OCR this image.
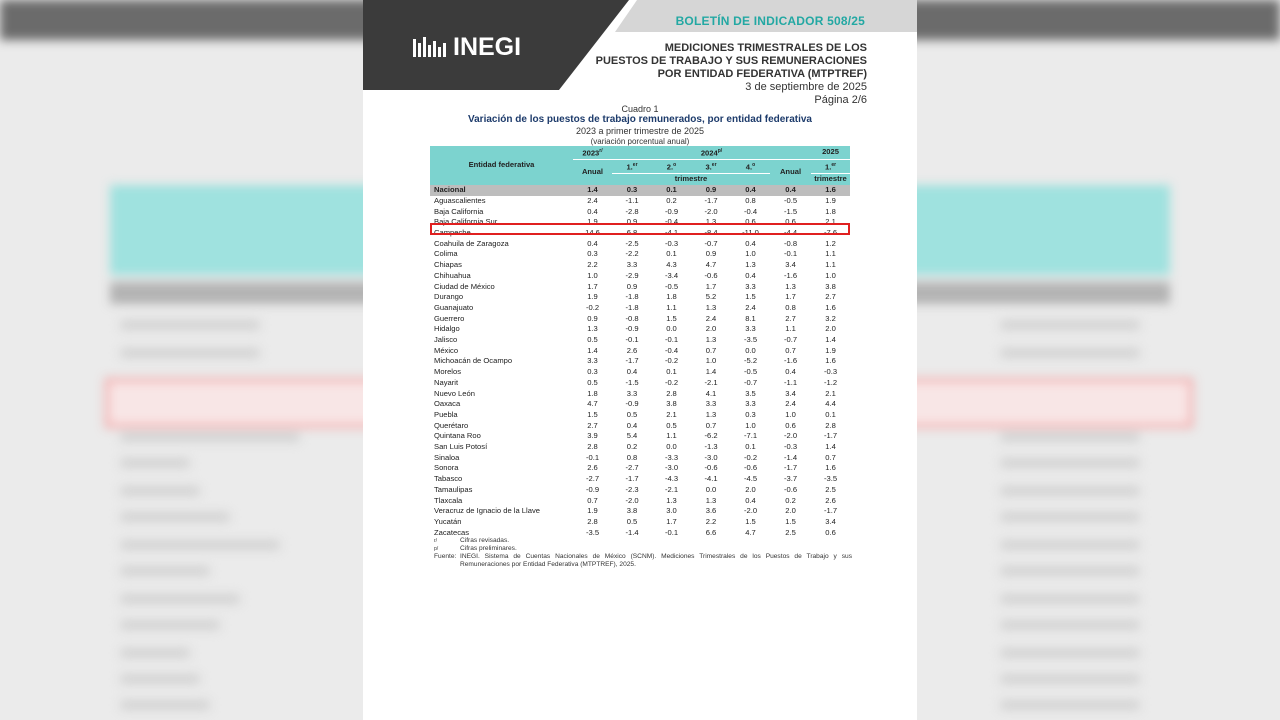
BOLETÍN DE INDICADOR 508/25
INEGI	MEDICIONES TRIMESTRALES DE LOS
PUESTOS DE TRABAJO Y SUS REMUNERACIONES
POR ENTIDAD FEDERATIVA (MTPTREF)
3 de septiembre de 2025
Página 2/6
Cuadro 1
Variación de los puestos de trabajo remunerados, por entidad federativa
2023 a primer trimestre de 2025
(variación porcentual anual)
Entidad federativa	$2023^{r/}$	$2024^{p/}$					2025
	Anual	1.$^{er}$	2.$^o$	3.$^{er}$	4.$^o$	Anual	1.$^{er}$
		trimestre					trimestre
Nacional	1.4	0.3	0.1	0.9	0.4	0.4	1.6
Aguascalientes	2.4	-1.1	0.2	-1.7	0.8	-0.5	1.9
Baja California	0.4	-2.8	-0.9	-2.0	-0.4	-1.5	1.8
Baja California Sur	1.9	0.9	-0.4	1.3	0.6	0.6	2.1
Campeche	14.6	6.8	-4.1	-8.4	-11.0	-4.4	-7.6
Coahuila de Zaragoza	0.4	-2.5	-0.3	-0.7	0.4	-0.8	1.2
Colima	0.3	-2.2	0.1	0.9	1.0	-0.1	1.1
Chiapas	2.2	3.3	4.3	4.7	1.3	3.4	1.1
Chihuahua	1.0	-2.9	-3.4	-0.6	0.4	-1.6	1.0
Ciudad de México	1.7	0.9	-0.5	1.7	3.3	1.3	3.8
Durango	1.9	-1.8	1.8	5.2	1.5	1.7	2.7
Guanajuato	-0.2	-1.8	1.1	1.3	2.4	0.8	1.6
Guerrero	0.9	-0.8	1.5	2.4	8.1	2.7	3.2
Hidalgo	1.3	-0.9	0.0	2.0	3.3	1.1	2.0
Jalisco	0.5	-0.1	-0.1	1.3	-3.5	-0.7	1.4
México	1.4	2.6	-0.4	0.7	0.0	0.7	1.9
Michoacán de Ocampo	3.3	-1.7	-0.2	1.0	-5.2	-1.6	1.6
Morelos	0.3	0.4	0.1	1.4	-0.5	0.4	-0.3
Nayarit	0.5	-1.5	-0.2	-2.1	-0.7	-1.1	-1.2
Nuevo León	1.8	3.3	2.8	4.1	3.5	3.4	2.1
Oaxaca	4.7	-0.9	3.8	3.3	3.3	2.4	4.4
Puebla	1.5	0.5	2.1	1.3	0.3	1.0	0.1
Querétaro	2.7	0.4	0.5	0.7	1.0	0.6	2.8
Quintana Roo	3.9	5.4	1.1	-6.2	-7.1	-2.0	-1.7
San Luis Potosí	2.8	0.2	0.0	-1.3	0.1	-0.3	1.4
Sinaloa	-0.1	0.8	-3.3	-3.0	-0.2	-1.4	0.7
Sonora	2.6	-2.7	-3.0	-0.6	-0.6	-1.7	1.6
Tabasco	-2.7	-1.7	-4.3	-4.1	-4.5	-3.7	-3.5
Tamaulipas	-0.9	-2.3	-2.1	0.0	2.0	-0.6	2.5
Tlaxcala	0.7	-2.0	1.3	1.3	0.4	0.2	2.6
Veracruz de Ignacio de la Llave	1.9	3.8	3.0	3.6	-2.0	2.0	-1.7
Yucatán	2.8	0.5	1.7	2.2	1.5	1.5	3.4
Zacatecas	-3.5	-1.4	-0.1	6.6	4.7	2.5	0.6
r/	Cifras revisadas.
p/	Cifras preliminares.
Fuente: INEGI. Sistema de Cuentas Nacionales de México (SCNM). Mediciones Trimestrales de los Puestos de Trabajo y sus Remuneraciones por Entidad Federativa (MTPTREF), 2025.
